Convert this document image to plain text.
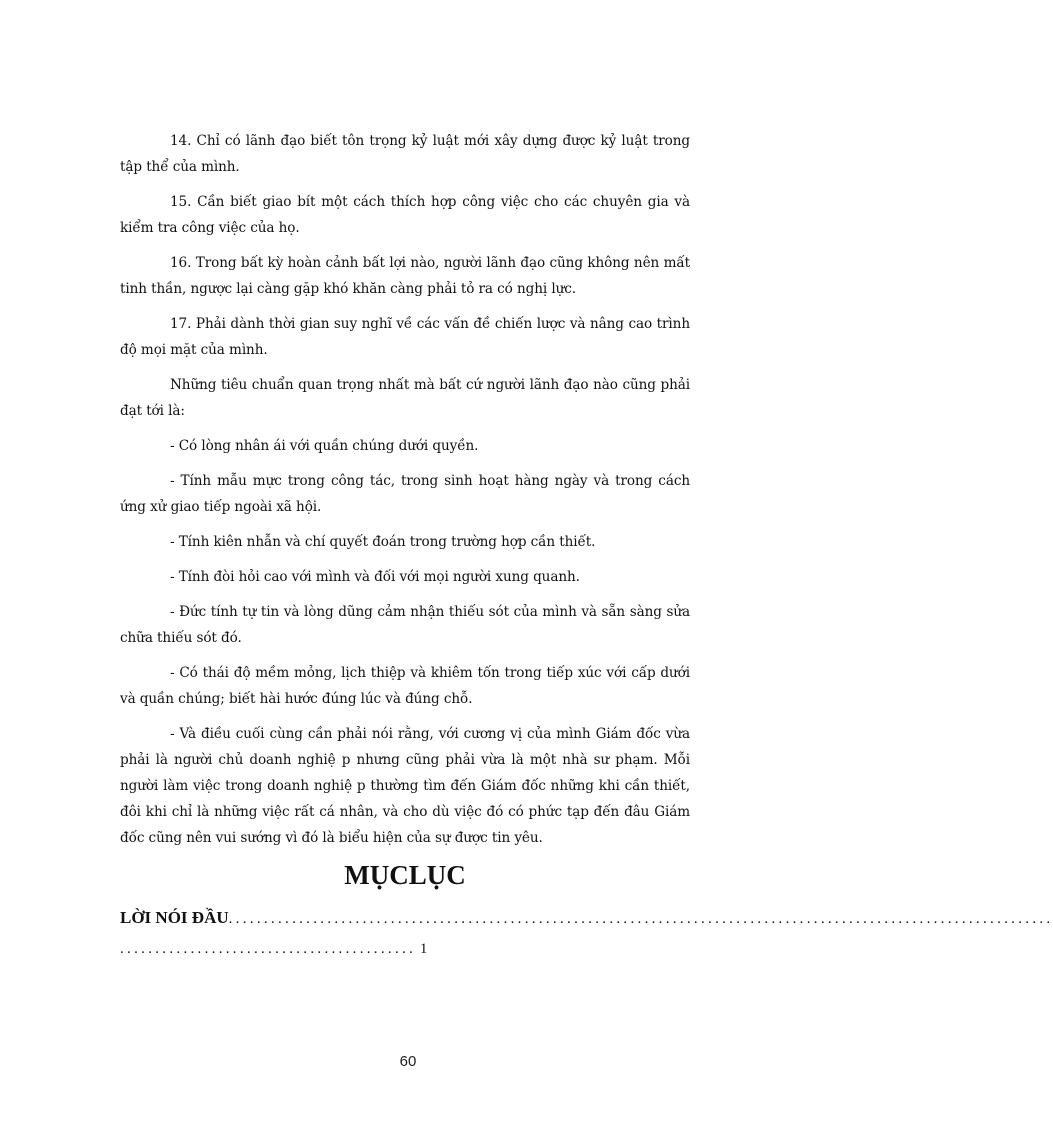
14. Chỉ có lãnh đạo biết tôn trọng kỷ luật mới xây dựng được kỷ luật trong tập thể của mình.

15. Cần biết giao bít một cách thích hợp công việc cho các chuyên gia và kiểm tra công việc của họ.

16. Trong bất kỳ hoàn cảnh bất lợi nào, người lãnh đạo cũng không nên mất tinh thần, ngược lại càng gặp khó khăn càng phải tỏ ra có nghị lực.

17. Phải dành thời gian suy nghĩ về các vấn đề chiến lược và nâng cao trình độ mọi mặt của mình.

Những tiêu chuẩn quan trọng nhất mà bất cứ người lãnh đạo nào cũng phải đạt tới là:

- Có lòng nhân ái với quần chúng dưới quyền.

- Tính mẫu mực trong công tác, trong sinh hoạt hàng ngày và trong cách ứng xử giao tiếp ngoài xã hội.

- Tính kiên nhẫn và chí quyết đoán trong trường hợp cần thiết.

- Tính đòi hỏi cao với mình và đối với mọi người xung quanh.

- Đức tính tự tin và lòng dũng cảm nhận thiếu sót của mình và sẵn sàng sửa chữa thiếu sót đó.

- Có thái độ mềm mỏng, lịch thiệp và khiêm tốn trong tiếp xúc với cấp dưới và quần chúng; biết hài hước đúng lúc và đúng chỗ.

- Và điều cuối cùng cần phải nói rằng, với cương vị của mình Giám đốc vừa phải là người chủ doanh nghiệ p nhưng cũng phải vừa là một nhà sư phạm. Mỗi người làm việc trong doanh nghiệ p thường tìm đến Giám đốc những khi cần thiết, đôi khi chỉ là những việc rất cá nhân, và cho dù việc đó có phức tạp đến đâu Giám đốc cũng nên vui sướng vì đó là biểu hiện của sự được tin yêu.

MỤCLỤC
LỜI NÓI ĐẦU.....................................................................................................................
.......................................... 1
60
